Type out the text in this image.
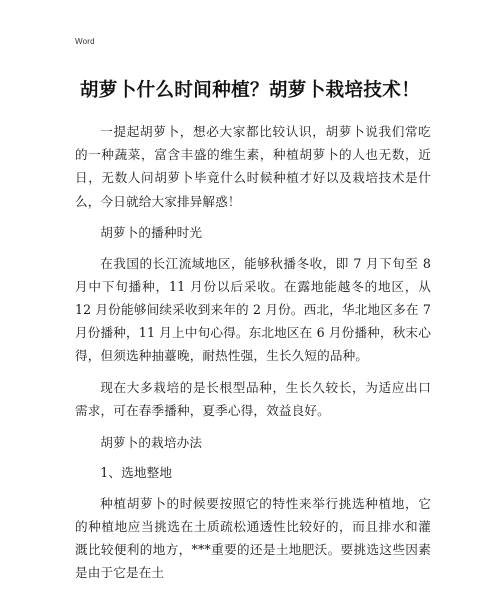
Word
胡萝卜什么时间种植？胡萝卜栽培技术！

一提起胡萝卜，想必大家都比较认识，胡萝卜说我们常吃的一种蔬菜，富含丰盛的维生素，种植胡萝卜的人也无数，近日，无数人问胡萝卜毕竟什么时候种植才好以及栽培技术是什么，今日就给大家排异解惑！

胡萝卜的播种时光

在我国的长江流域地区，能够秋播冬收，即 7 月下旬至 8 月中下旬播种，11 月份以后采收。在露地能越冬的地区，从 12 月份能够间续采收到来年的 2 月份。西北，华北地区多在 7 月份播种，11 月上中旬心得。东北地区在 6 月份播种，秋末心得，但须选种抽薹晚，耐热性强，生长久短的品种。

现在大多栽培的是长根型品种，生长久较长，为适应出口需求，可在春季播种，夏季心得，效益良好。

胡萝卜的栽培办法

1、选地整地

种植胡萝卜的时候要按照它的特性来举行挑选种植地，它的种植地应当挑选在土质疏松通透性比较好的，而且排水和灌溉比较便利的地方，***重要的还是土地肥沃。要挑选这些因素是由于它是在土
